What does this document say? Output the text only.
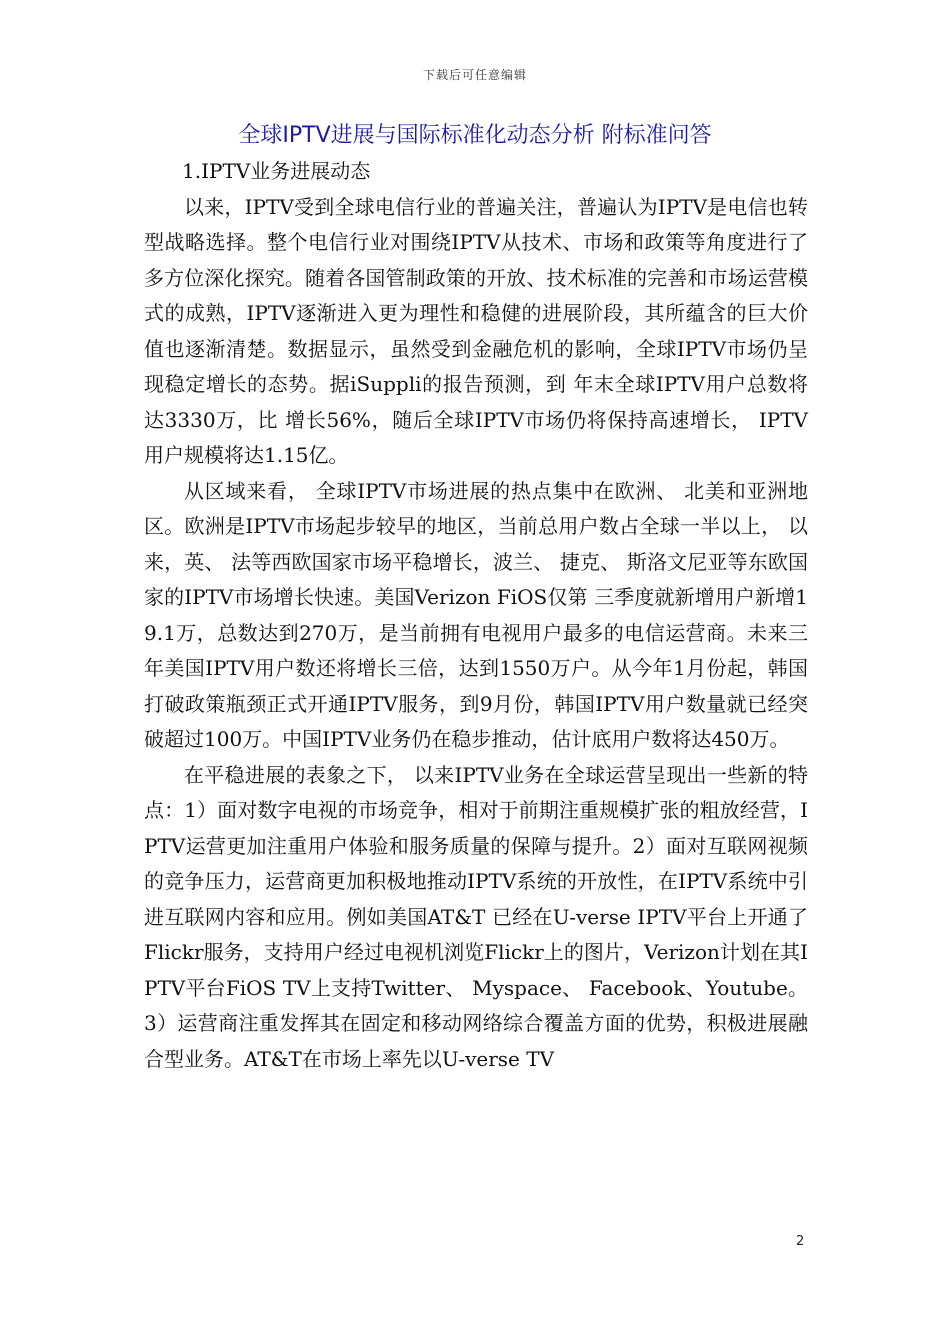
下载后可任意编辑
全球IPTV进展与国际标准化动态分析 附标准问答

1.IPTV业务进展动态

以来，IPTV受到全球电信行业的普遍关注，普遍认为IPTV是电信也转型战略选择。整个电信行业对围绕IPTV从技术、市场和政策等角度进行了多方位深化探究。随着各国管制政策的开放、技术标准的完善和市场运营模式的成熟，IPTV逐渐进入更为理性和稳健的进展阶段，其所蕴含的巨大价值也逐渐清楚。数据显示，虽然受到金融危机的影响，全球IPTV市场仍呈现稳定增长的态势。据iSuppli的报告预测，到 年末全球IPTV用户总数将达3330万，比 增长56%，随后全球IPTV市场仍将保持高速增长， IPTV用户规模将达1.15亿。

从区域来看， 全球IPTV市场进展的热点集中在欧洲、 北美和亚洲地区。欧洲是IPTV市场起步较早的地区，当前总用户数占全球一半以上， 以来，英、 法等西欧国家市场平稳增长，波兰、 捷克、 斯洛文尼亚等东欧国家的IPTV市场增长快速。美国Verizon FiOS仅第 三季度就新增用户新增19.1万，总数达到270万，是当前拥有电视用户最多的电信运营商。未来三年美国IPTV用户数还将增长三倍，达到1550万户。从今年1月份起，韩国打破政策瓶颈正式开通IPTV服务，到9月份，韩国IPTV用户数量就已经突破超过100万。中国IPTV业务仍在稳步推动，估计底用户数将达450万。

在平稳进展的表象之下， 以来IPTV业务在全球运营呈现出一些新的特点：1）面对数字电视的市场竞争，相对于前期注重规模扩张的粗放经营，IPTV运营更加注重用户体验和服务质量的保障与提升。2）面对互联网视频的竞争压力，运营商更加积极地推动IPTV系统的开放性，在IPTV系统中引进互联网内容和应用。例如美国AT&T 已经在U-verse IPTV平台上开通了Flickr服务，支持用户经过电视机浏览Flickr上的图片，Verizon计划在其IPTV平台FiOS TV上支持Twitter、 Myspace、 Facebook、Youtube。3）运营商注重发挥其在固定和移动网络综合覆盖方面的优势，积极进展融合型业务。AT&T在市场上率先以U-verse TV

2
